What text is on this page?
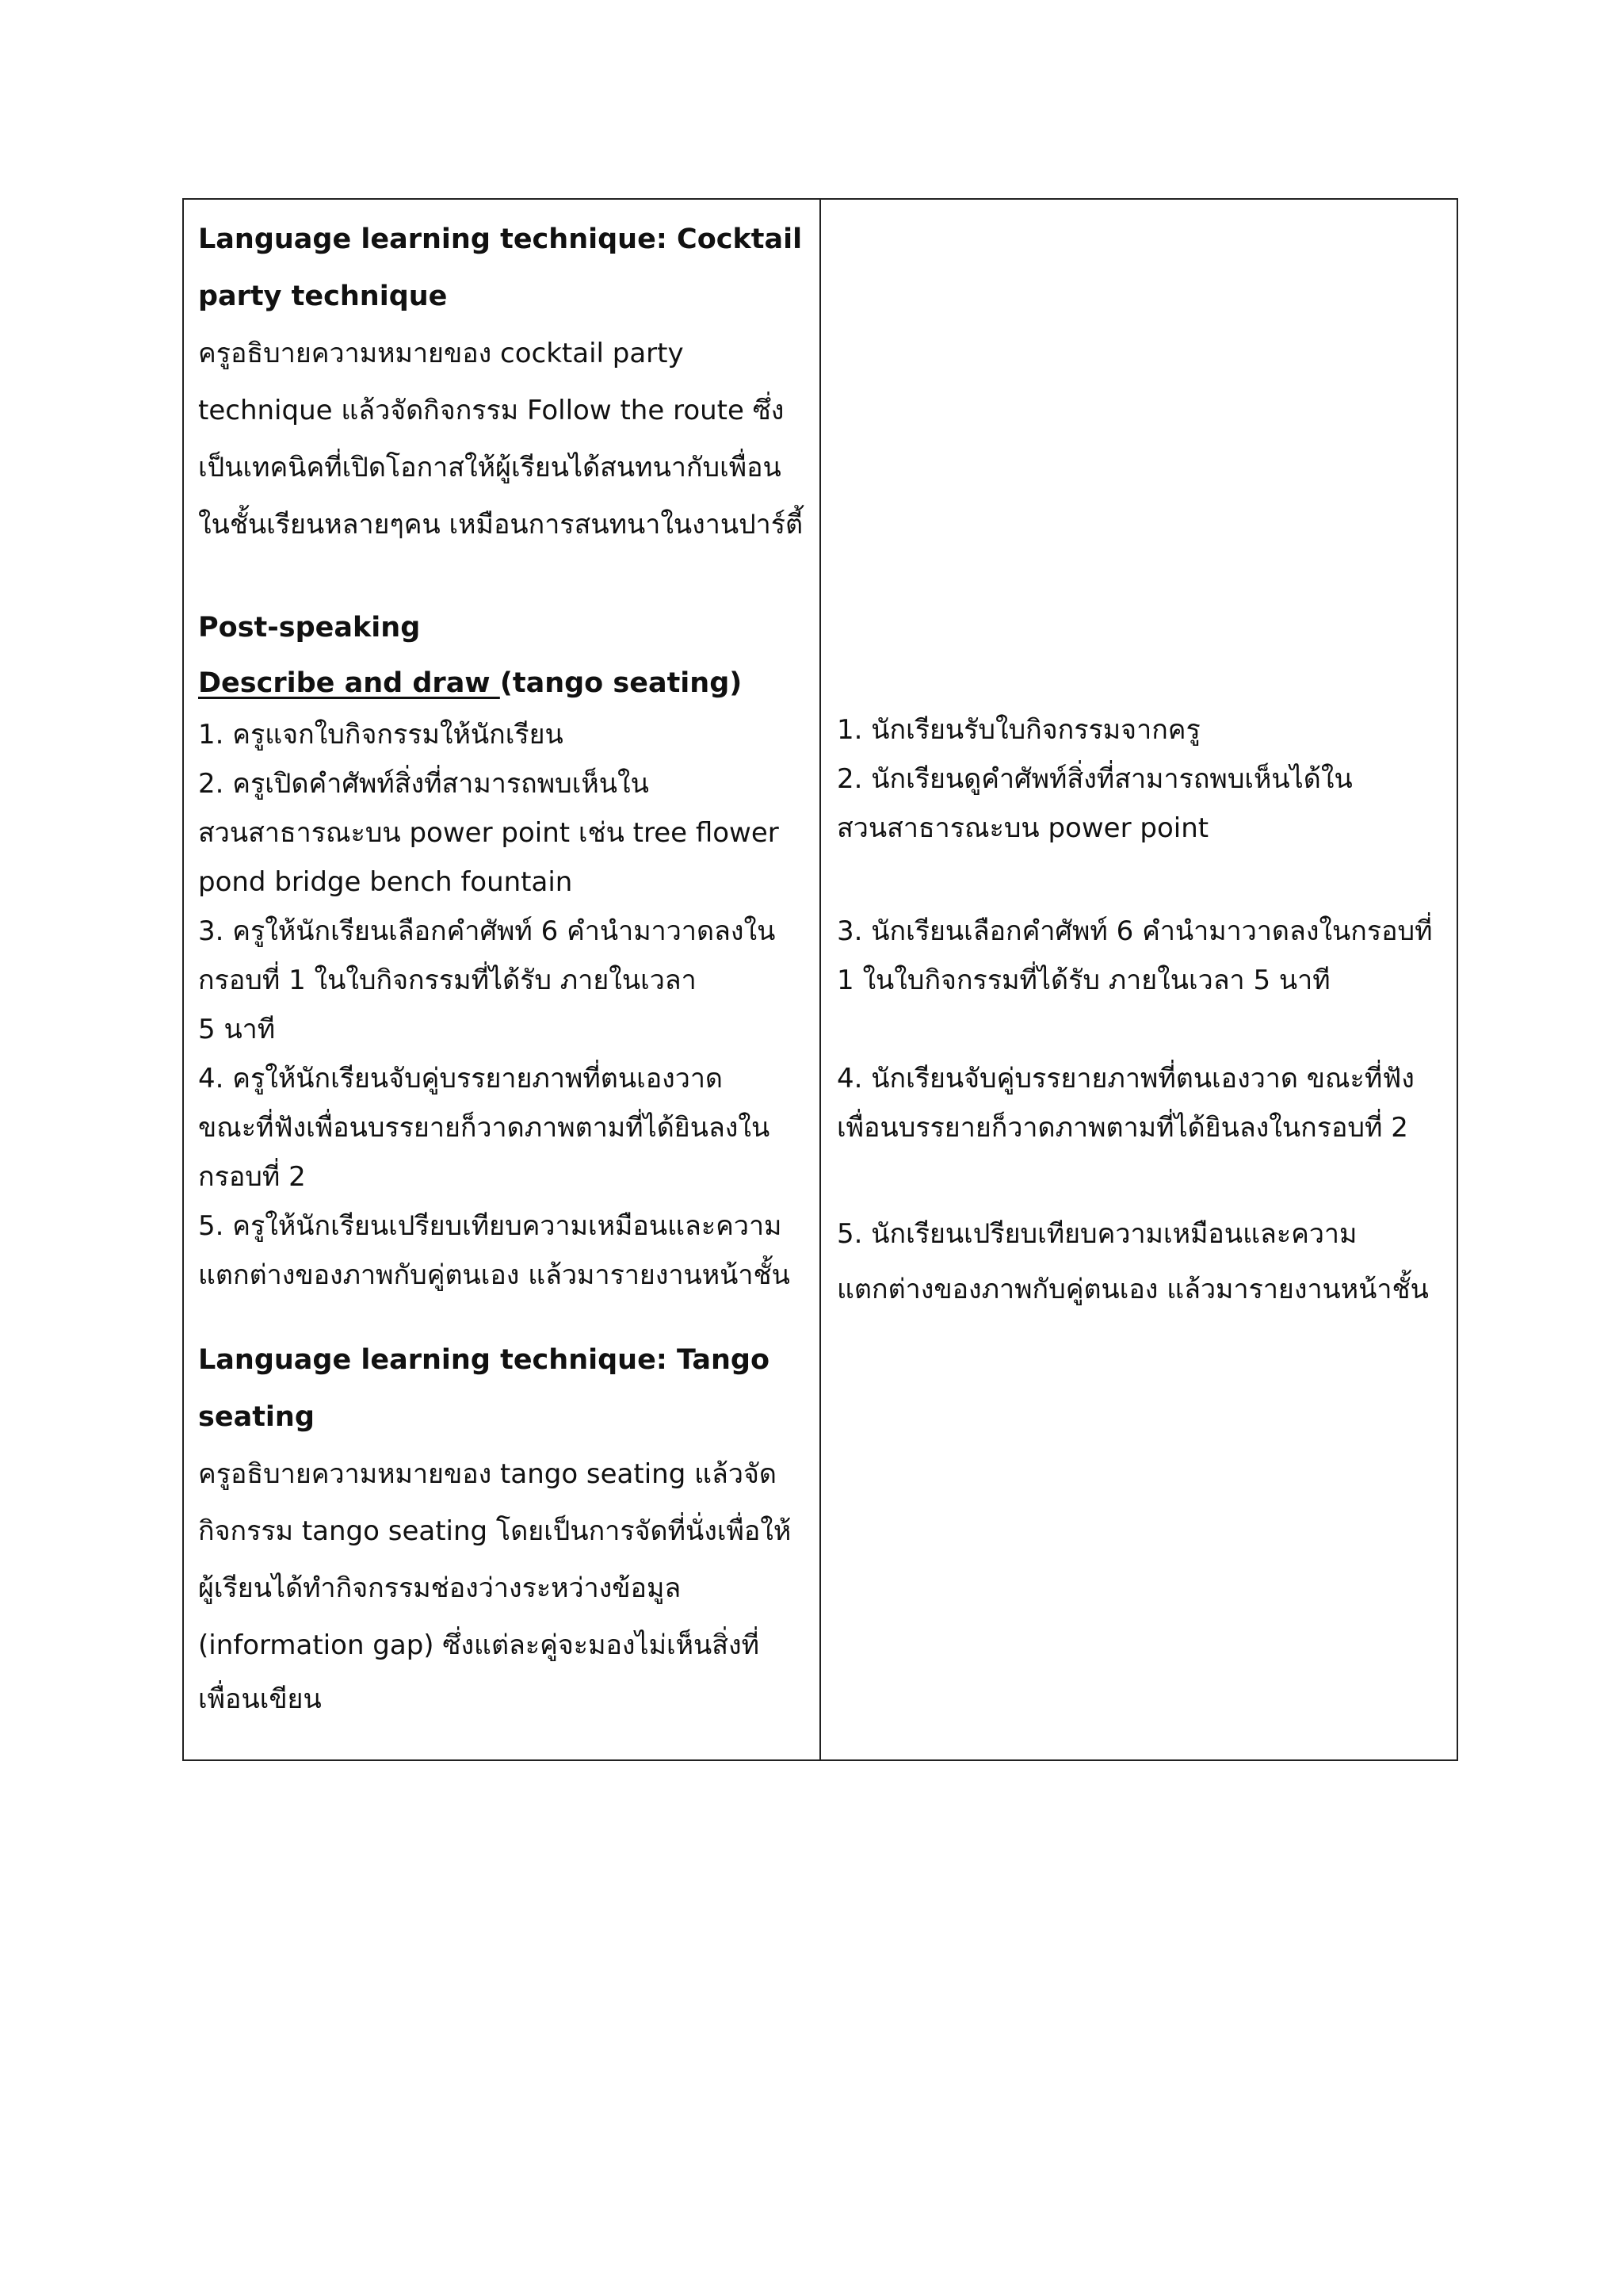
Language learning technique: Cocktail
party technique
ครูอธิบายความหมายของ cocktail party
technique แล้วจัดกิจกรรม Follow the route ซึ่ง
เป็นเทคนิคที่เปิดโอกาสให้ผู้เรียนได้สนทนากับเพื่อน
ในชั้นเรียนหลายๆคน เหมือนการสนทนาในงานปาร์ตี้
Post-speaking
Describe and draw (tango seating)
1. ครูแจกใบกิจกรรมให้นักเรียน
2. ครูเปิดคำศัพท์สิ่งที่สามารถพบเห็นใน
สวนสาธารณะบน power point เช่น tree flower
pond bridge bench fountain
3. ครูให้นักเรียนเลือกคำศัพท์ 6 คำนำมาวาดลงใน
กรอบที่ 1 ในใบกิจกรรมที่ได้รับ ภายในเวลา
5 นาที
4. ครูให้นักเรียนจับคู่บรรยายภาพที่ตนเองวาด
ขณะที่ฟังเพื่อนบรรยายก็วาดภาพตามที่ได้ยินลงใน
กรอบที่ 2
5. ครูให้นักเรียนเปรียบเทียบความเหมือนและความ
แตกต่างของภาพกับคู่ตนเอง แล้วมารายงานหน้าชั้น
Language learning technique: Tango
seating
ครูอธิบายความหมายของ tango seating แล้วจัด
กิจกรรม tango seating โดยเป็นการจัดที่นั่งเพื่อให้
ผู้เรียนได้ทำกิจกรรมช่องว่างระหว่างข้อมูล
(information gap) ซึ่งแต่ละคู่จะมองไม่เห็นสิ่งที่
เพื่อนเขียน
1. นักเรียนรับใบกิจกรรมจากครู
2. นักเรียนดูคำศัพท์สิ่งที่สามารถพบเห็นได้ใน
สวนสาธารณะบน power point
3. นักเรียนเลือกคำศัพท์ 6 คำนำมาวาดลงในกรอบที่
1 ในใบกิจกรรมที่ได้รับ ภายในเวลา 5 นาที
4. นักเรียนจับคู่บรรยายภาพที่ตนเองวาด ขณะที่ฟัง
เพื่อนบรรยายก็วาดภาพตามที่ได้ยินลงในกรอบที่ 2
5. นักเรียนเปรียบเทียบความเหมือนและความ
แตกต่างของภาพกับคู่ตนเอง แล้วมารายงานหน้าชั้น
